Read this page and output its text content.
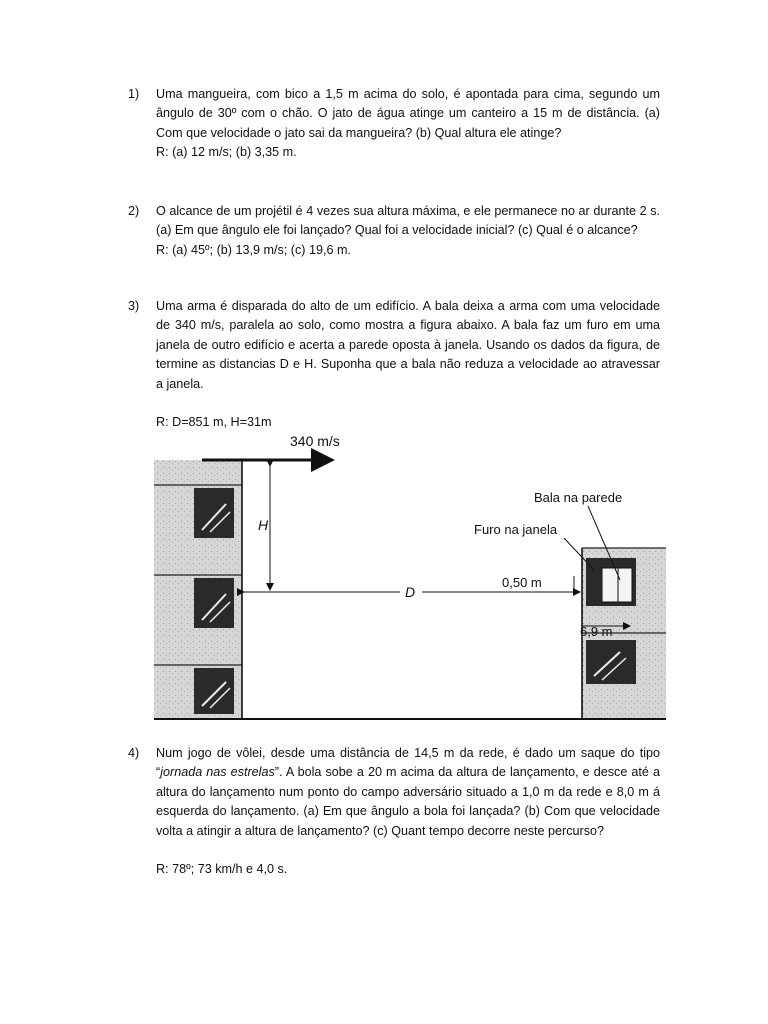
1)	Uma mangueira, com bico a 1,5 m acima do solo, é apontada para cima, segundo um ângulo de 30º com o chão. O jato de água atinge um canteiro a 15 m de distância. (a) Com que velocidade o jato sai da mangueira? (b) Qual altura ele atinge?
R: (a) 12 m/s; (b) 3,35 m.
2)	O alcance de um projétil é 4 vezes sua altura máxima, e ele permanece no ar durante 2 s. (a) Em que ângulo ele foi lançado? Qual foi a velocidade inicial? (c) Qual é o alcance?
R: (a) 45º; (b) 13,9 m/s; (c) 19,6 m.
3)	Uma arma é disparada do alto de um edifício. A bala deixa a arma com uma velocidade de 340 m/s, paralela ao solo, como mostra a figura abaixo. A bala faz um furo em uma janela de outro edifício e acerta a parede oposta à janela. Usando os dados da figura, de termine as distancias D e H. Suponha que a bala não reduza a velocidade ao atravessar a janela.
R: D=851 m, H=31m
340 m/s
H
D
0,50 m
6,9 m
Bala na parede
Furo na janela
4)	Num jogo de vôlei, desde uma distância de 14,5 m da rede, é dado um saque do tipo “jornada nas estrelas”. A bola sobe a 20 m acima da altura de lançamento, e desce até a altura do lançamento num ponto do campo adversário situado a 1,0 m da rede e 8,0 m á esquerda do lançamento. (a) Em que ângulo a bola foi lançada? (b) Com que velocidade volta a atingir a altura de lançamento? (c) Quant tempo decorre neste percurso?
R: 78º; 73 km/h e 4,0 s.
